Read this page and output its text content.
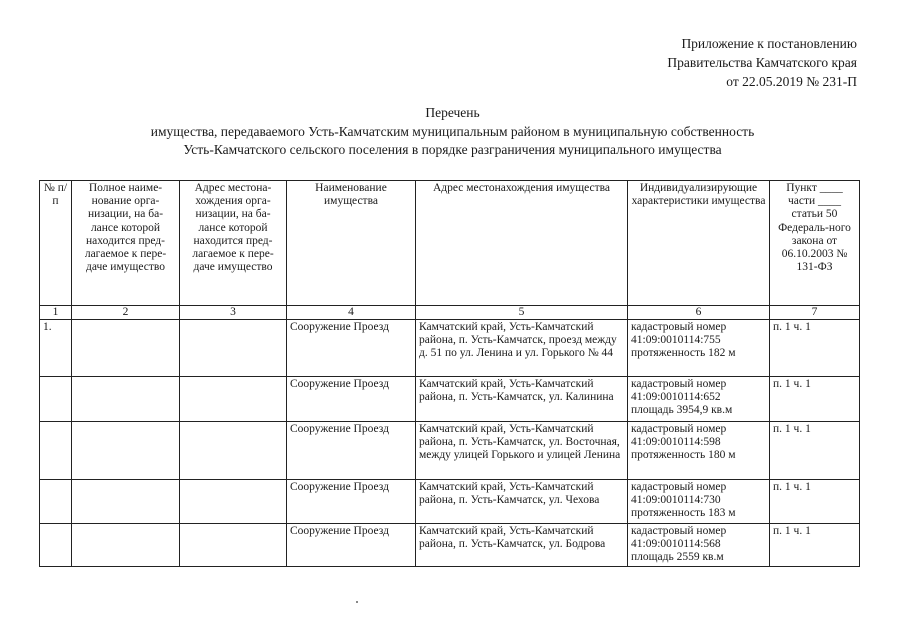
Приложение к постановлению
Правительства Камчатского края
от 22.05.2019 № 231-П
Перечень
имущества, передаваемого Усть-Камчатским муниципальным районом в муниципальную собственность
Усть-Камчатского сельского поселения в порядке разграничения муниципального имущества
№ п/п	Полное наиме-нование орга-низации, на ба-лансе которой находится пред-лагаемое к пере-даче имущество	Адрес местона-хождения орга-низации, на ба-лансе которой находится пред-лагаемое к пере-даче имущество	Наименование имущества	Адрес местонахождения имущества	Индивидуализирующие характеристики имущества	Пункт ____ части ____ статьи 50 Федераль-ного закона от 06.10.2003 № 131-ФЗ
1	2	3	4	5	6	7
1.			Сооружение Проезд	Камчатский край, Усть-Камчатский района, п. Усть-Камчатск, проезд между д. 51 по ул. Ленина и ул. Горького № 44	кадастровый номер 41:09:0010114:755 протяженность 182 м	п. 1 ч. 1
			Сооружение Проезд	Камчатский край, Усть-Камчатский района, п. Усть-Камчатск, ул. Калинина	кадастровый номер 41:09:0010114:652 площадь 3954,9 кв.м	п. 1 ч. 1
			Сооружение Проезд	Камчатский край, Усть-Камчатский района, п. Усть-Камчатск, ул. Восточная, между улицей Горького и улицей Ленина	кадастровый номер 41:09:0010114:598 протяженность 180 м	п. 1 ч. 1
			Сооружение Проезд	Камчатский край, Усть-Камчатский района, п. Усть-Камчатск, ул. Чехова	кадастровый номер 41:09:0010114:730 протяженность 183 м	п. 1 ч. 1
			Сооружение Проезд	Камчатский край, Усть-Камчатский района, п. Усть-Камчатск, ул. Бодрова	кадастровый номер 41:09:0010114:568 площадь 2559 кв.м	п. 1 ч. 1
